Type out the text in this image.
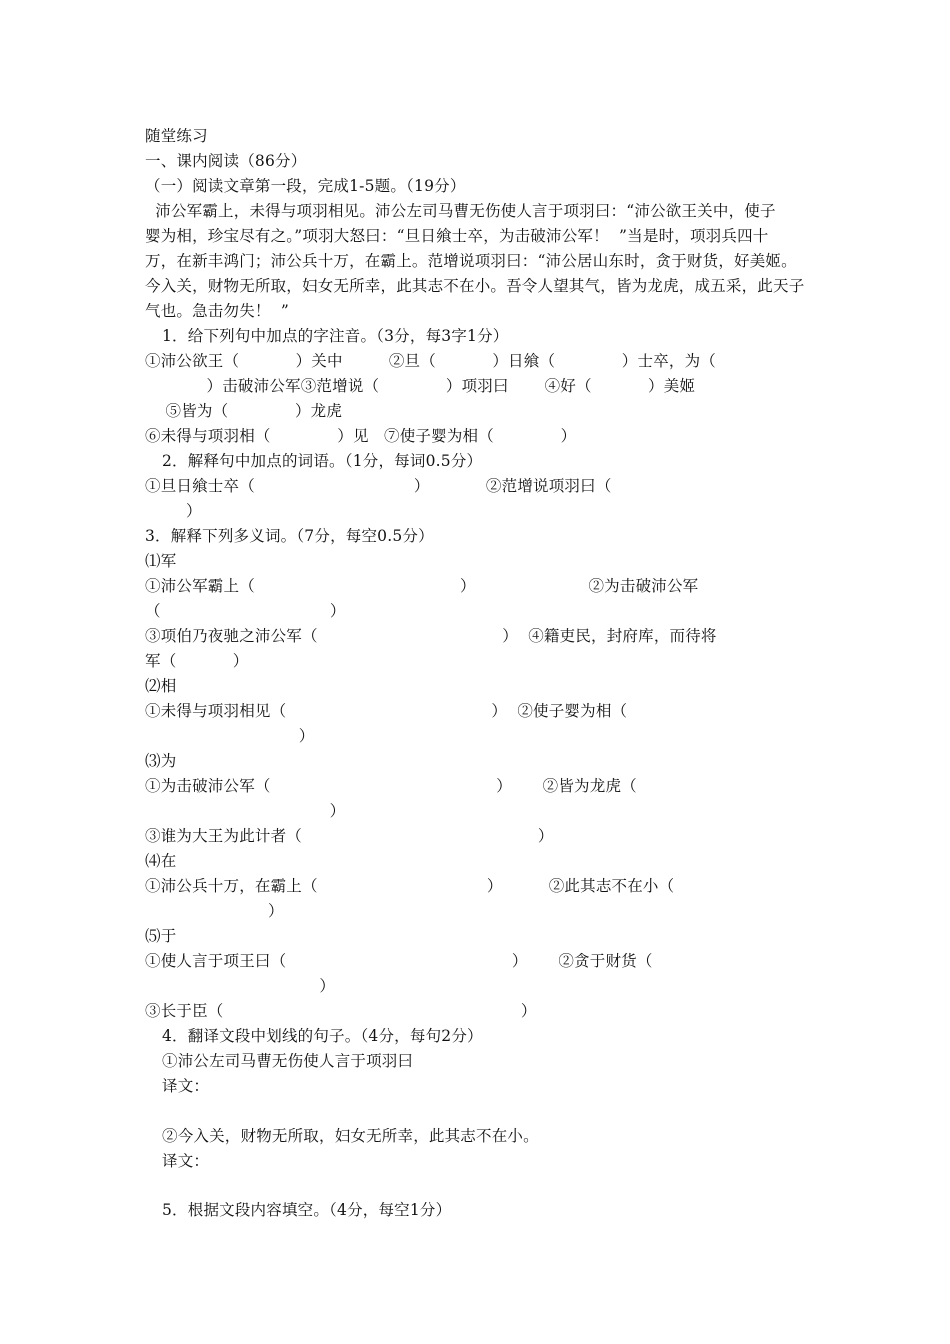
随堂练习
一、课内阅读（86分）
（一）阅读文章第一段，完成1-5题。（19分）
沛公军霸上，未得与项羽相见。沛公左司马曹无伤使人言于项羽曰：“沛公欲王关中，使子
婴为相，珍宝尽有之。”项羽大怒曰：“旦日飨士卒，为击破沛公军！  ”当是时，项羽兵四十
万，在新丰鸿门；沛公兵十万，在霸上。范增说项羽曰：“沛公居山东时，贪于财货，好美姬。
今入关，财物无所取，妇女无所幸，此其志不在小。吾令人望其气，皆为龙虎，成五采，此天子
气也。急击勿失！  ”
1．给下列句中加点的字注音。（3分，每3字1分）
①沛公欲王（           ）关中         ②旦（           ）日飨（             ）士卒，为（
）击破沛公军③范增说（             ）项羽曰       ④好（           ）美姬
⑤皆为（             ）龙虎
⑥未得与项羽相（             ）见   ⑦使子婴为相（             ）
2．解释句中加点的词语。（1分，每词0.5分）
①旦日飨士卒（                               ）           ②范增说项羽曰（
）
3．解释下列多义词。（7分，每空0.5分）
⑴军
①沛公军霸上（                                        ）                      ②为击破沛公军
（                                 ）
③项伯乃夜驰之沛公军（                                    ）  ④籍吏民，封府库，而待将
军（           ）
⑵相
①未得与项羽相见（                                        ）  ②使子婴为相（
）
⑶为
①为击破沛公军（                                            ）      ②皆为龙虎（
）
③谁为大王为此计者（                                              ）
⑷在
①沛公兵十万，在霸上（                                 ）         ②此其志不在小（
）
⑸于
①使人言于项王曰（                                            ）      ②贪于财货（
）
③长于臣（                                                          ）
4．翻译文段中划线的句子。（4分，每句2分）
①沛公左司马曹无伤使人言于项羽曰
译文：
②今入关，财物无所取，妇女无所幸，此其志不在小。
译文：
5．根据文段内容填空。（4分，每空1分）
